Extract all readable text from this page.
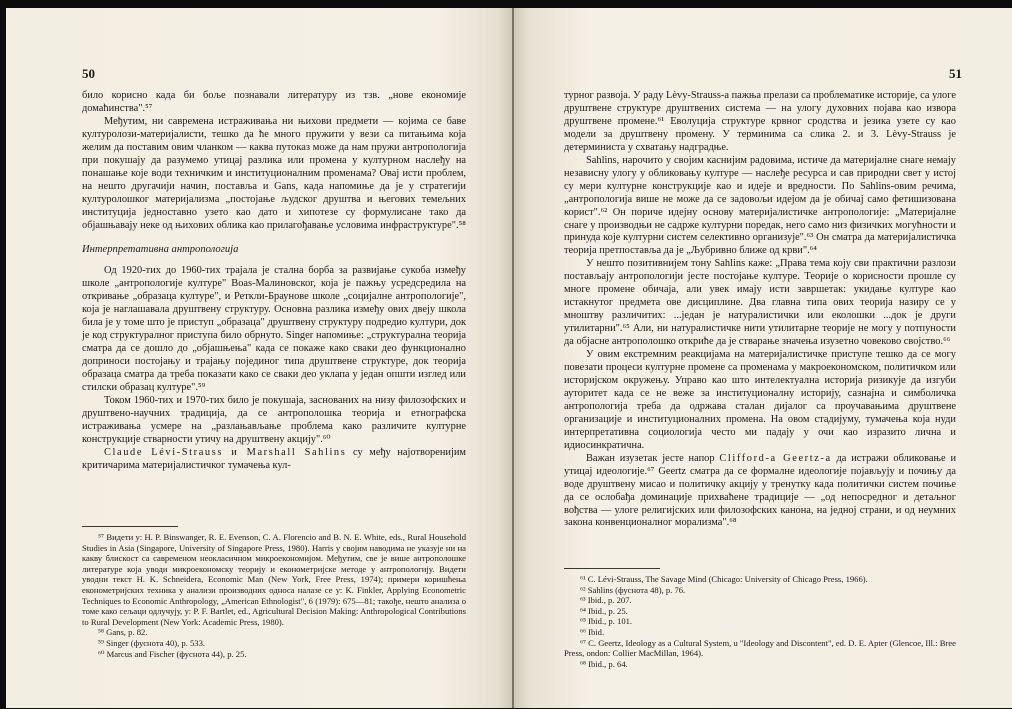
50

било корисно када би боље познавали литературу из тзв. „нове економије домаћинства".⁵⁷

Међутим, ни савремена истраживања ни њихови предмети — којима се баве културолози-материјалисти, тешко да ће много пружити у вези са питањима која желим да поставим овим чланком — каква путоказ може да нам пружи антропологија при покушају да разумемо утицај разлика или промена у културном наслеђу на понашање које води техничким и институционалним променама? Овај исти проблем, на нешто другачији начин, поставља и Gans, када напомиње да је у стратегији културолошког материјализма „постојање људског друштва и његових темељних институција једноставно узето као дато и хипотезе су формулисане тако да објашњавају неке од њихових облика као прилагођавање условима инфраструктуре".⁵⁸

Интерпретативна антропологија

Од 1920-тих до 1960-тих трајала је стална борба за развијање сукоба између школе „антропологије културе" Boas-Малиновског, која је пажњу усредсредила на откривање „образаца културе", и Реткли-Браунове школе „социјалне антропологије", која је наглашавала друштвену структуру. Основна разлика између ових двеју школа била је у томе што је приступ „образаца" друштвену структуру подредио култури, док је код структуралног приступа било обрнуто. Singer напомиње: „структурална теорија сматра да се дошло до „објашњења" када се покаже како сваки део функционално доприноси постојању и трајању појединог типа друштвене структуре, док теорија образаца сматра да треба показати како се сваки део уклапа у један општи изглед или стилски образац културе".⁵⁹

Током 1960-тих и 1970-тих било је покушаја, заснованих на низу филозофских и друштвено-научних традиција, да се антрополошка теорија и етнографска истраживања усмере на „разлањављање проблема како различите културне конструкције стварности утичу на друштвену акцију".⁶⁰

Claude Lévi-Strauss и Marshall Sahlins су међу најотворенијим критичарима материјалистичког тумачења кул-

⁵⁷ Видети у: H. P. Binswanger, R. E. Evenson, C. A. Florencio and B. N. E. White, eds., Rural Household Studies in Asia (Singapore, University of Singapore Press, 1980). Harris у својим наводима не указује ни на какву блискост са савременом неокласичном микроекономијом. Међутим, све је више антрополошке литературе која уводи микроекономску теорију и економетријске методе у антропологију. Видети уводни текст H. K. Schneidera, Economic Man (New York, Free Press, 1974); примери коришћења економетријских техника у анализи производних односа налазе се у: K. Finkler, Applying Econometric Techniques to Economic Anthropology, „American Ethnologist", 6 (1979): 675—81; такође, нешто анализа о томе како сељаци одлучују, у: P. F. Bartlet, ed., Agricultural Decision Making: Anthropological Contributions to Rural Development (New York: Academic Press, 1980).

⁵⁸ Gans, p. 82.

⁵⁹ Singer (фуснота 40), p. 533.

⁶⁰ Marcus and Fischer (фуснота 44), p. 25.

51

турног развоја. У раду Lèvy-Strauss-а пажња прелази са проблематике историје, са улоге друштвене структуре друштвених система — на улогу духовних појава као извора друштвене промене.⁶¹ Еволуција структуре крвног сродства и језика узете су као модели за друштвену промену. У терминима са слика 2. и 3. Lèvy-Strauss је детерминиста у схватању надградње.

Sahlins, нарочито у својим каснијим радовима, истиче да материјалне снаге немају независну улогу у обликовању културе — наслеђе ресурса и сав природни свет у истој су мери културне конструкције као и идеје и вредности. По Sahlins-овим речима, „антропологија више не може да се задовољи идејом да је обичај само фетишизована корист".⁶² Он пориче идејну основу материјалистичке антропологије: „Материјалне снаге у производњи не садрже културни поредак, него само низ физичких могућности и принуда које културни систем селективно организује".⁶³ Он сматра да материјалистичка теорија претпоставља да је „Љубривно ближе од крви".⁶⁴

У нешто позитивнијем тону Sahlins каже: „Права тема коју сви практични разлози постављају антропологији јесте постојање културе. Теорије о корисности прошле су многе промене обичаја, али увек имају исти завршетак: укидање културе као истакнутог предмета ове дисциплине. Два главна типа ових теорија назиру се у мноштву различитих: ...један је натуралистички или еколошки ...док је други утилитарни".⁶⁵ Али, ни натуралистичке нити утилитарне теорије не могу у потпуности да објасне антрополошко откриће да је стварање значења изузетно човеково својство.⁶⁶

У овим екстремним реакцијама на материјалистичке приступе тешко да се могу повезати процеси културне промене са променама у макроекономском, политичком или историјском окружењу. Управо као што интелектуална историја ризикује да изгуби ауторитет када се не веже за институционалну историју, сазнајна и симболичка антропологија треба да одржава сталан дијалог са проучавањима друштвене организације и институционалних промена. На овом стадијуму, тумачења која нуди интерпретативна социологија често ми падају у очи као изразито лична и идиосинкратична.

Важан изузетак јесте напор Clifford-a Geertz-a да истражи обликовање и утицај идеологије.⁶⁷ Geertz сматра да се формалне идеологије појављују и почињу да воде друштвену мисао и политичку акцију у тренутку када политички систем почиње да се ослобађа доминације прихваћене традиције — „од непосредног и детаљног вођства — улоге религијских или филозофских канона, на једној страни, и од неумних закона конвенционалног морализма".⁶⁸

⁶¹ C. Lévi-Strauss, The Savage Mind (Chicago: University of Chicago Press, 1966).

⁶² Sahlins (фуснота 48), p. 76.

⁶³ Ibid., p. 207.

⁶⁴ Ibid., p. 25.

⁶⁵ Ibid., p. 101.

⁶⁶ Ibid.

⁶⁷ C. Geertz, Ideology as a Cultural System, u "Ideology and Discontent", ed. D. E. Apter (Glencoe, Ill.: Bree Press, ondon: Collier MacMillan, 1964).

⁶⁸ Ibid., p. 64.
